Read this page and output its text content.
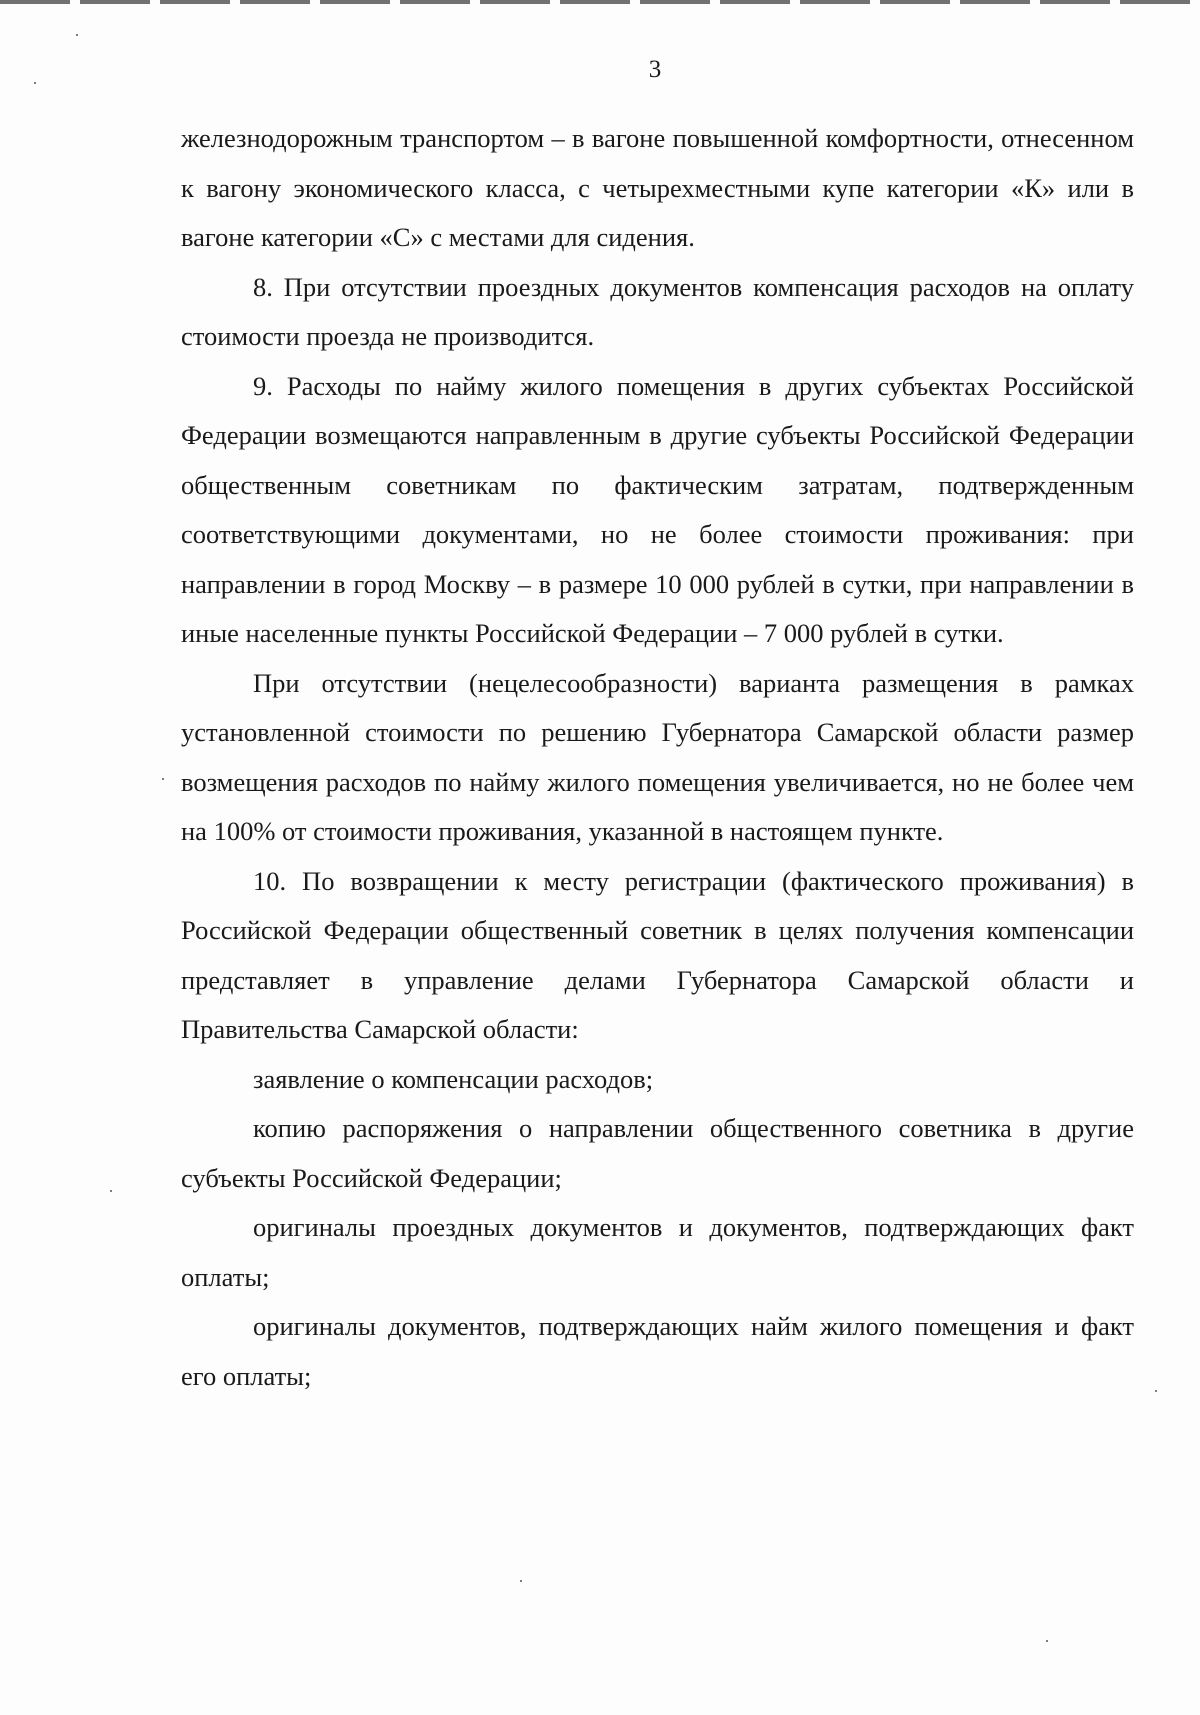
3

железнодорожным транспортом – в вагоне повышенной комфортности, отнесенном к вагону экономического класса, с четырехместными купе категории «К» или в вагоне категории «С» с местами для сидения.

8. При отсутствии проездных документов компенсация расходов на оплату стоимости проезда не производится.

9. Расходы по найму жилого помещения в других субъектах Российской Федерации возмещаются направленным в другие субъекты Российской Федерации общественным советникам по фактическим затратам, подтвержденным соответствующими документами, но не более стоимости проживания: при направлении в город Москву – в размере 10 000 рублей в сутки, при направлении в иные населенные пункты Российской Федерации – 7 000 рублей в сутки.

При отсутствии (нецелесообразности) варианта размещения в рамках установленной стоимости по решению Губернатора Самарской области размер возмещения расходов по найму жилого помещения увеличивается, но не более чем на 100% от стоимости проживания, указанной в настоящем пункте.

10. По возвращении к месту регистрации (фактического проживания) в Российской Федерации общественный советник в целях получения компенсации представляет в управление делами Губернатора Самарской области и Правительства Самарской области:

заявление о компенсации расходов;

копию распоряжения о направлении общественного советника в другие субъекты Российской Федерации;

оригиналы проездных документов и документов, подтверждающих факт оплаты;

оригиналы документов, подтверждающих найм жилого помещения и факт его оплаты;
